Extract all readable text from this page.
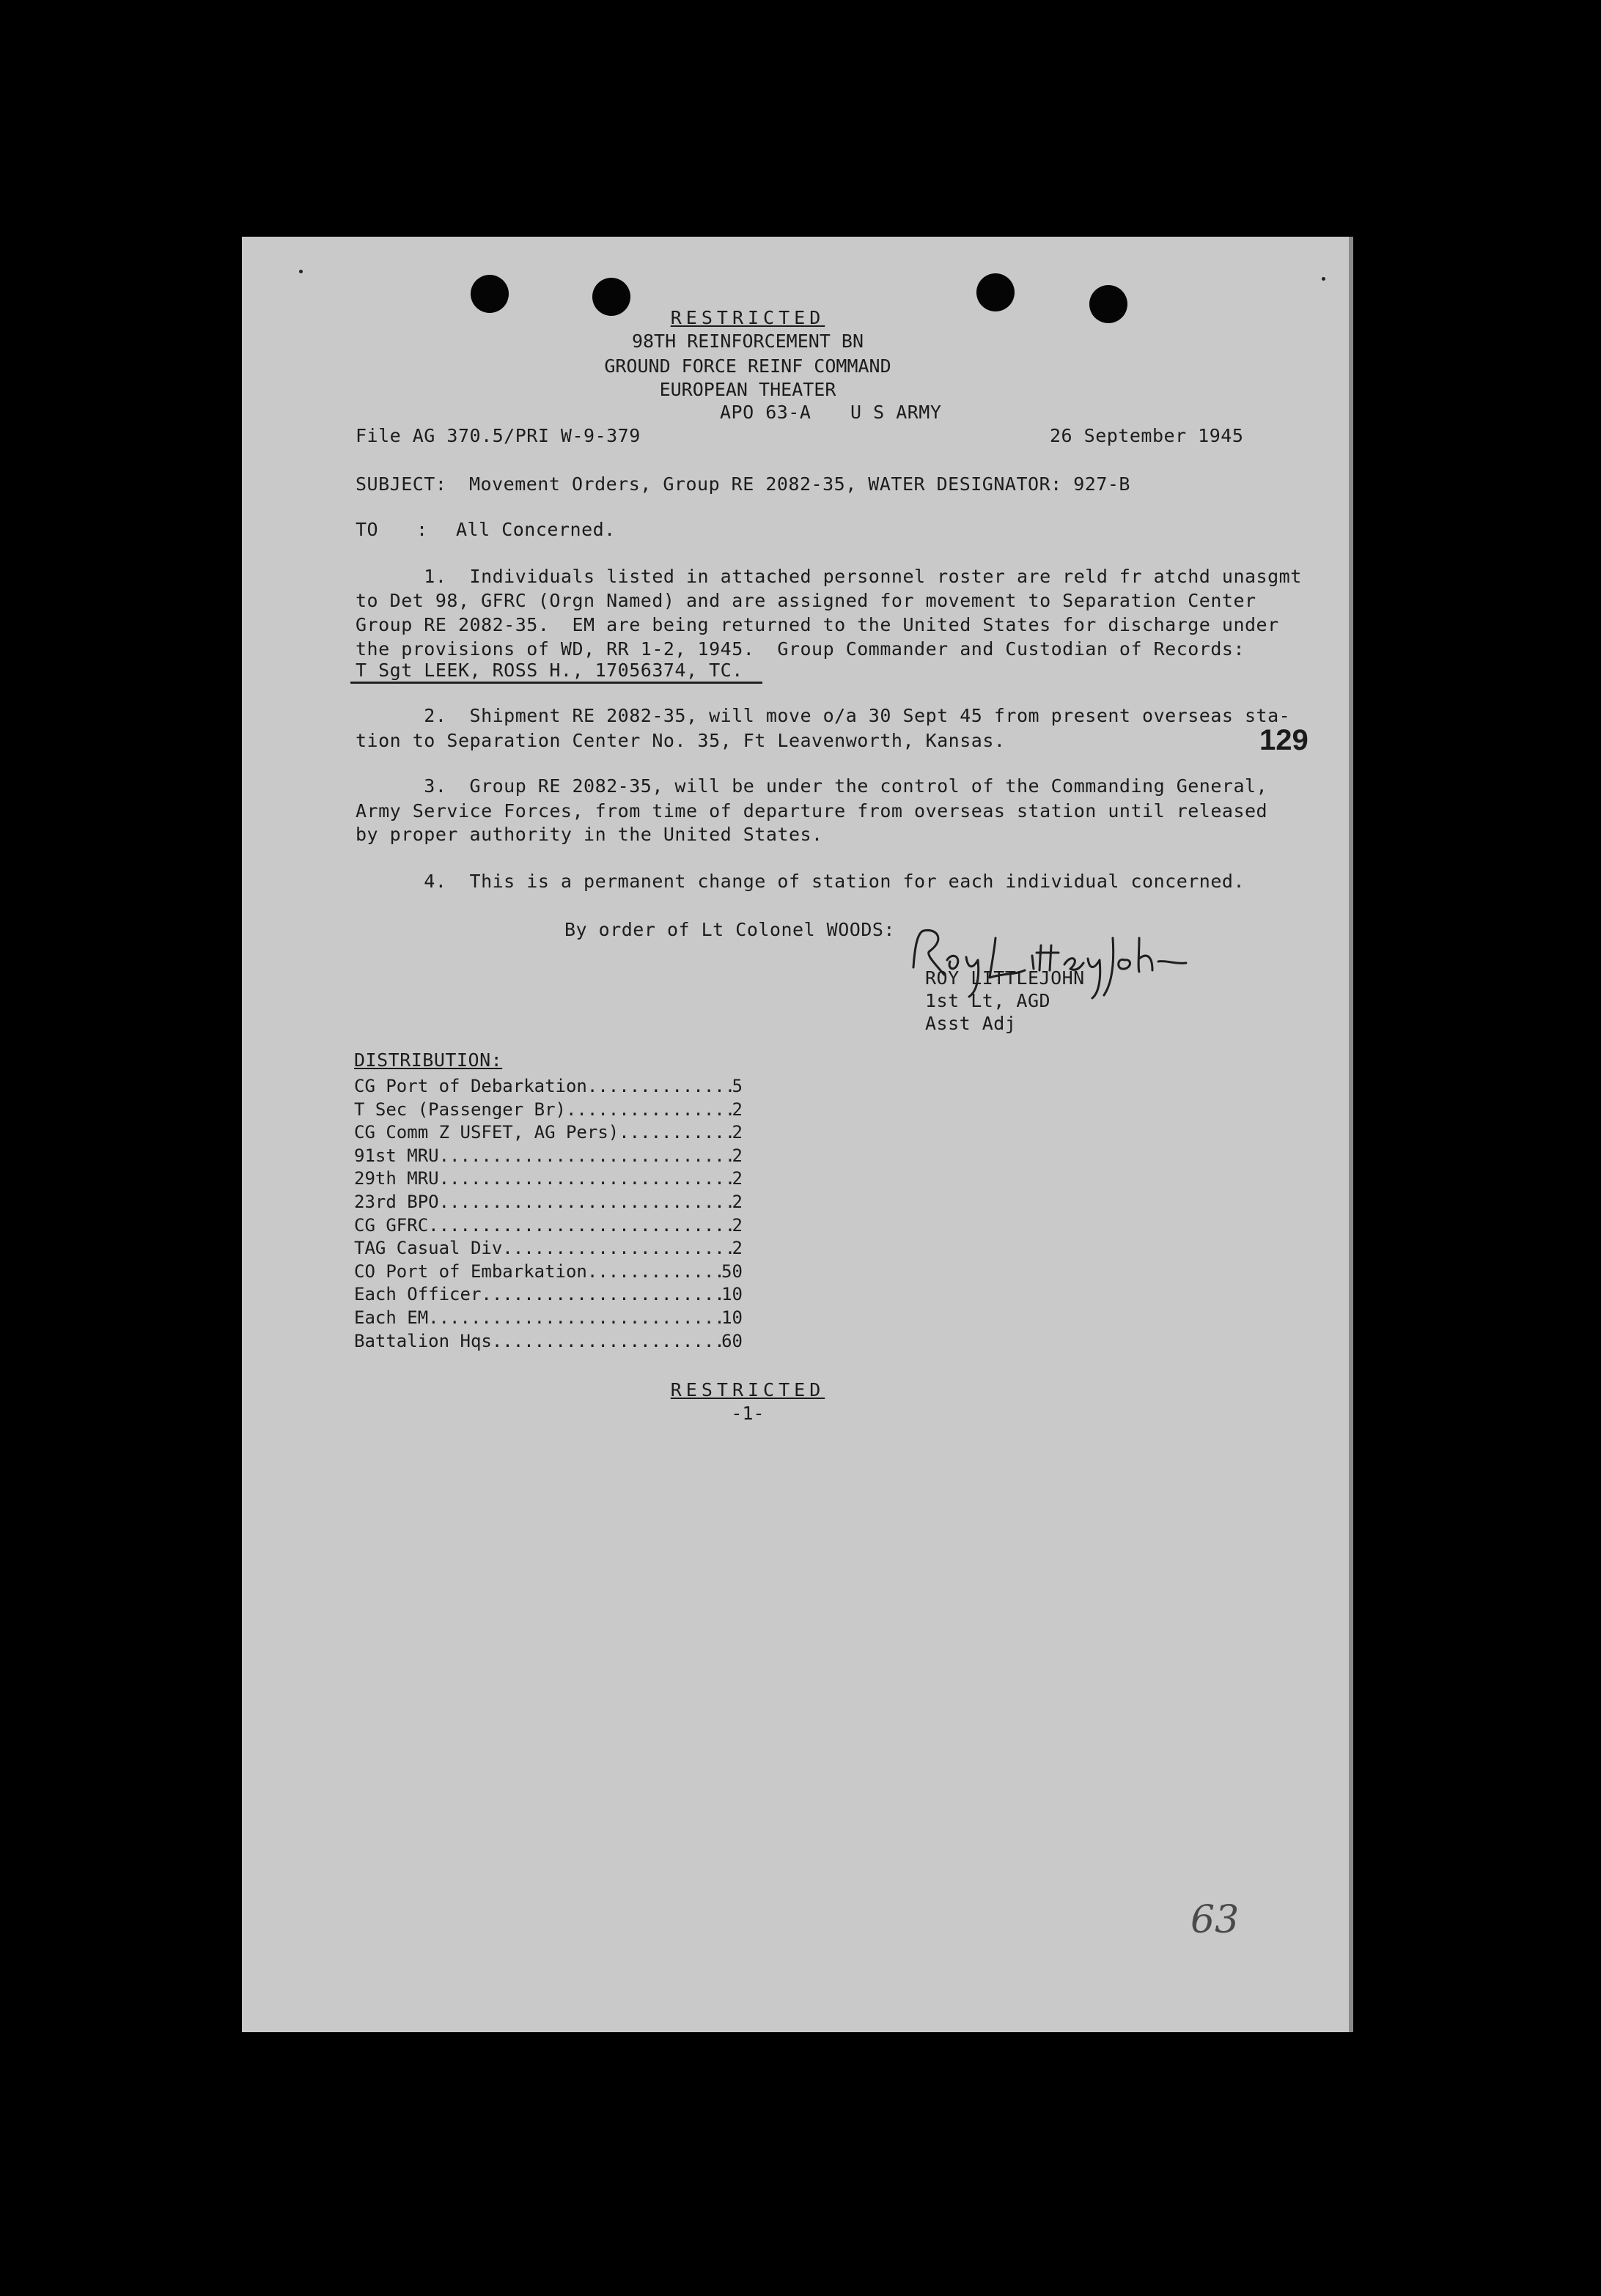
RESTRICTED
98TH REINFORCEMENT BN
GROUND FORCE REINF COMMAND
EUROPEAN THEATER
APO 63-A U S ARMY
File AG 370.5/PRI W-9-379	26 September 1945
SUBJECT: Movement Orders, Group RE 2082-35, WATER DESIGNATOR: 927-B
TO : All Concerned.
1.  Individuals listed in attached personnel roster are reld fr atchd unasgmt
to Det 98, GFRC (Orgn Named) and are assigned for movement to Separation Center
Group RE 2082-35.  EM are being returned to the United States for discharge under
the provisions of WD, RR 1-2, 1945.  Group Commander and Custodian of Records:
T Sgt LEEK, ROSS H., 17056374, TC.
2.  Shipment RE 2082-35, will move o/a 30 Sept 45 from present overseas sta-
tion to Separation Center No. 35, Ft Leavenworth, Kansas.	129
3.  Group RE 2082-35, will be under the control of the Commanding General,
Army Service Forces, from time of departure from overseas station until released
by proper authority in the United States.
4.  This is a permanent change of station for each individual concerned.
By order of Lt Colonel WOODS:
ROY LITTLEJOHN
1st Lt, AGD
Asst Adj
DISTRIBUTION:
CG Port of Debarkation .....	5
T Sec (Passenger Br) .....	2
CG Comm Z USFET, AG Pers) .....	2
91st MRU .....	2
29th MRU .....	2
23rd BPO .....	2
CG GFRC .....	2
TAG Casual Div .....	2
CO Port of Embarkation .....	50
Each Officer .....	10
Each EM .....	10
Battalion Hqs .....	60
RESTRICTED
-1-
63
